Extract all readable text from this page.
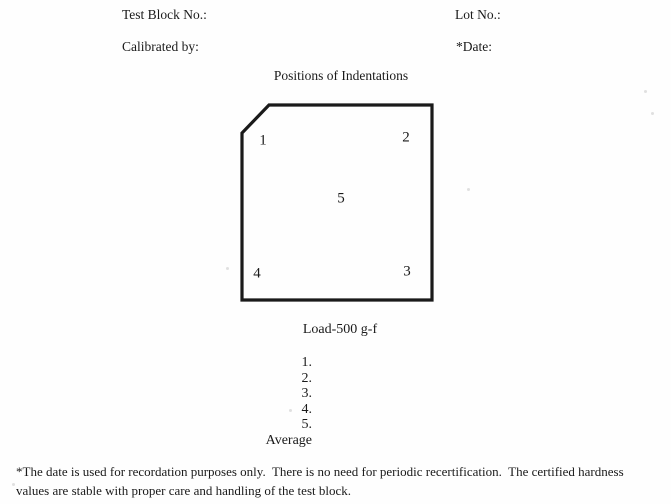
Test Block No.:	Lot No.:
Calibrated by:	*Date:
Positions of Indentations
1	2
5
4	3
Load-500 g-f
1.
2.
3.
4.
5.
Average
*The date is used for recordation purposes only.  There is no need for periodic recertification.  The certified hardness
values are stable with proper care and handling of the test block.
